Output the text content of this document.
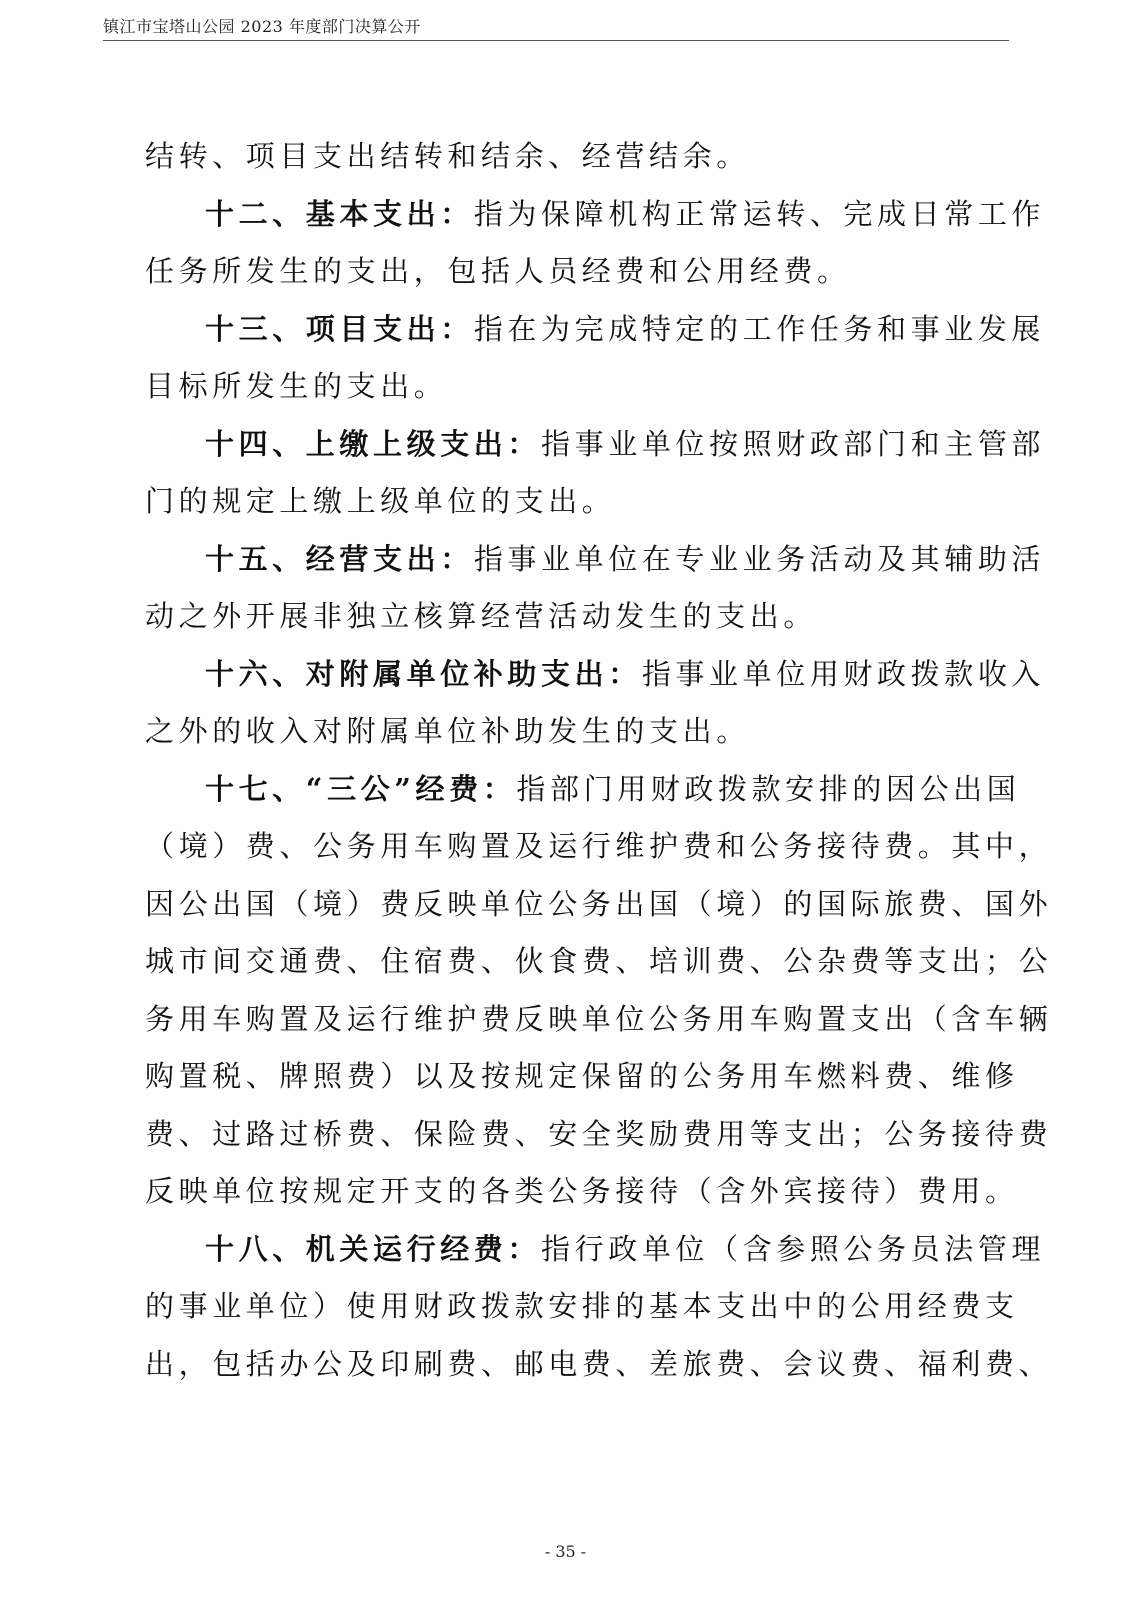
镇江市宝塔山公园 2023 年度部门决算公开
结转、项目支出结转和结余、经营结余。
十二、基本支出：指为保障机构正常运转、完成日常工作
任务所发生的支出，包括人员经费和公用经费。
十三、项目支出：指在为完成特定的工作任务和事业发展
目标所发生的支出。
十四、上缴上级支出：指事业单位按照财政部门和主管部
门的规定上缴上级单位的支出。
十五、经营支出：指事业单位在专业业务活动及其辅助活
动之外开展非独立核算经营活动发生的支出。
十六、对附属单位补助支出：指事业单位用财政拨款收入
之外的收入对附属单位补助发生的支出。
十七、“三公”经费：指部门用财政拨款安排的因公出国
（境）费、公务用车购置及运行维护费和公务接待费。其中，
因公出国（境）费反映单位公务出国（境）的国际旅费、国外
城市间交通费、住宿费、伙食费、培训费、公杂费等支出；公
务用车购置及运行维护费反映单位公务用车购置支出（含车辆
购置税、牌照费）以及按规定保留的公务用车燃料费、维修
费、过路过桥费、保险费、安全奖励费用等支出；公务接待费
反映单位按规定开支的各类公务接待（含外宾接待）费用。
十八、机关运行经费：指行政单位（含参照公务员法管理
的事业单位）使用财政拨款安排的基本支出中的公用经费支
出，包括办公及印刷费、邮电费、差旅费、会议费、福利费、
- 35 -
